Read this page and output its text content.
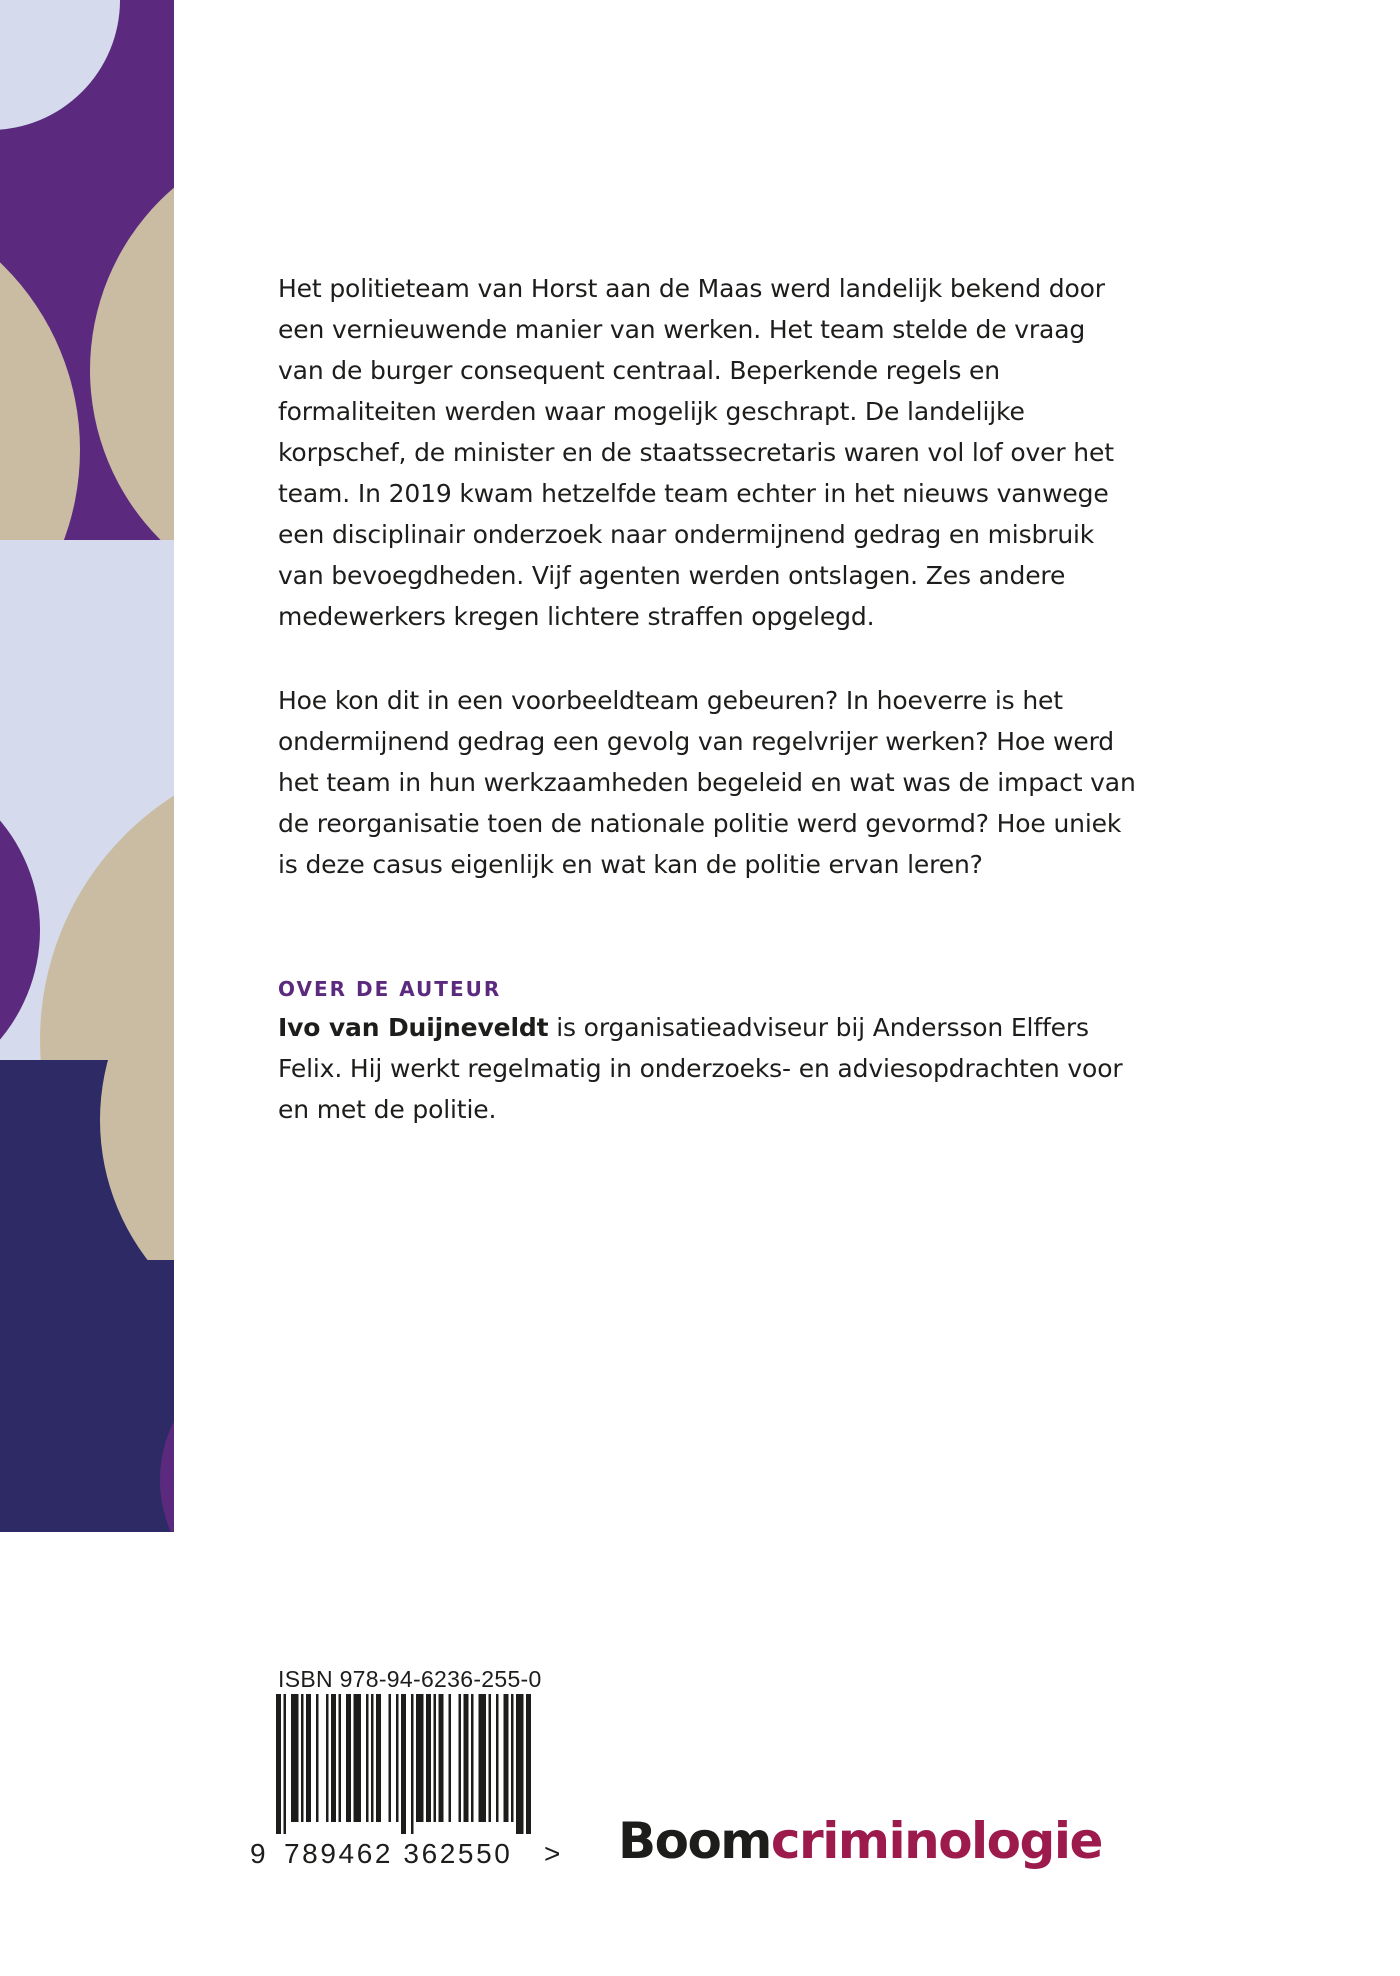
Het politieteam van Horst aan de Maas werd landelijk bekend door een vernieuwende manier van werken. Het team stelde de vraag van de burger consequent centraal. Beperkende regels en formaliteiten werden waar mogelijk geschrapt. De landelijke korpschef, de minister en de staatssecretaris waren vol lof over het team. In 2019 kwam hetzelfde team echter in het nieuws vanwege een disciplinair onderzoek naar ondermijnend gedrag en misbruik van bevoegdheden. Vijf agenten werden ontslagen. Zes andere medewerkers kregen lichtere straffen opgelegd.

Hoe kon dit in een voorbeeldteam gebeuren? In hoeverre is het ondermijnend gedrag een gevolg van regelvrijer werken? Hoe werd het team in hun werkzaamheden begeleid en wat was de impact van de reorganisatie toen de nationale politie werd gevormd? Hoe uniek is deze casus eigenlijk en wat kan de politie ervan leren?

OVER DE AUTEUR

Ivo van Duijneveldt is organisatieadviseur bij Andersson Elffers Felix. Hij werkt regelmatig in onderzoeks- en adviesopdrachten voor en met de politie.

ISBN 978-94-6236-255-0
9 789462 362550 > Boomcriminologie
